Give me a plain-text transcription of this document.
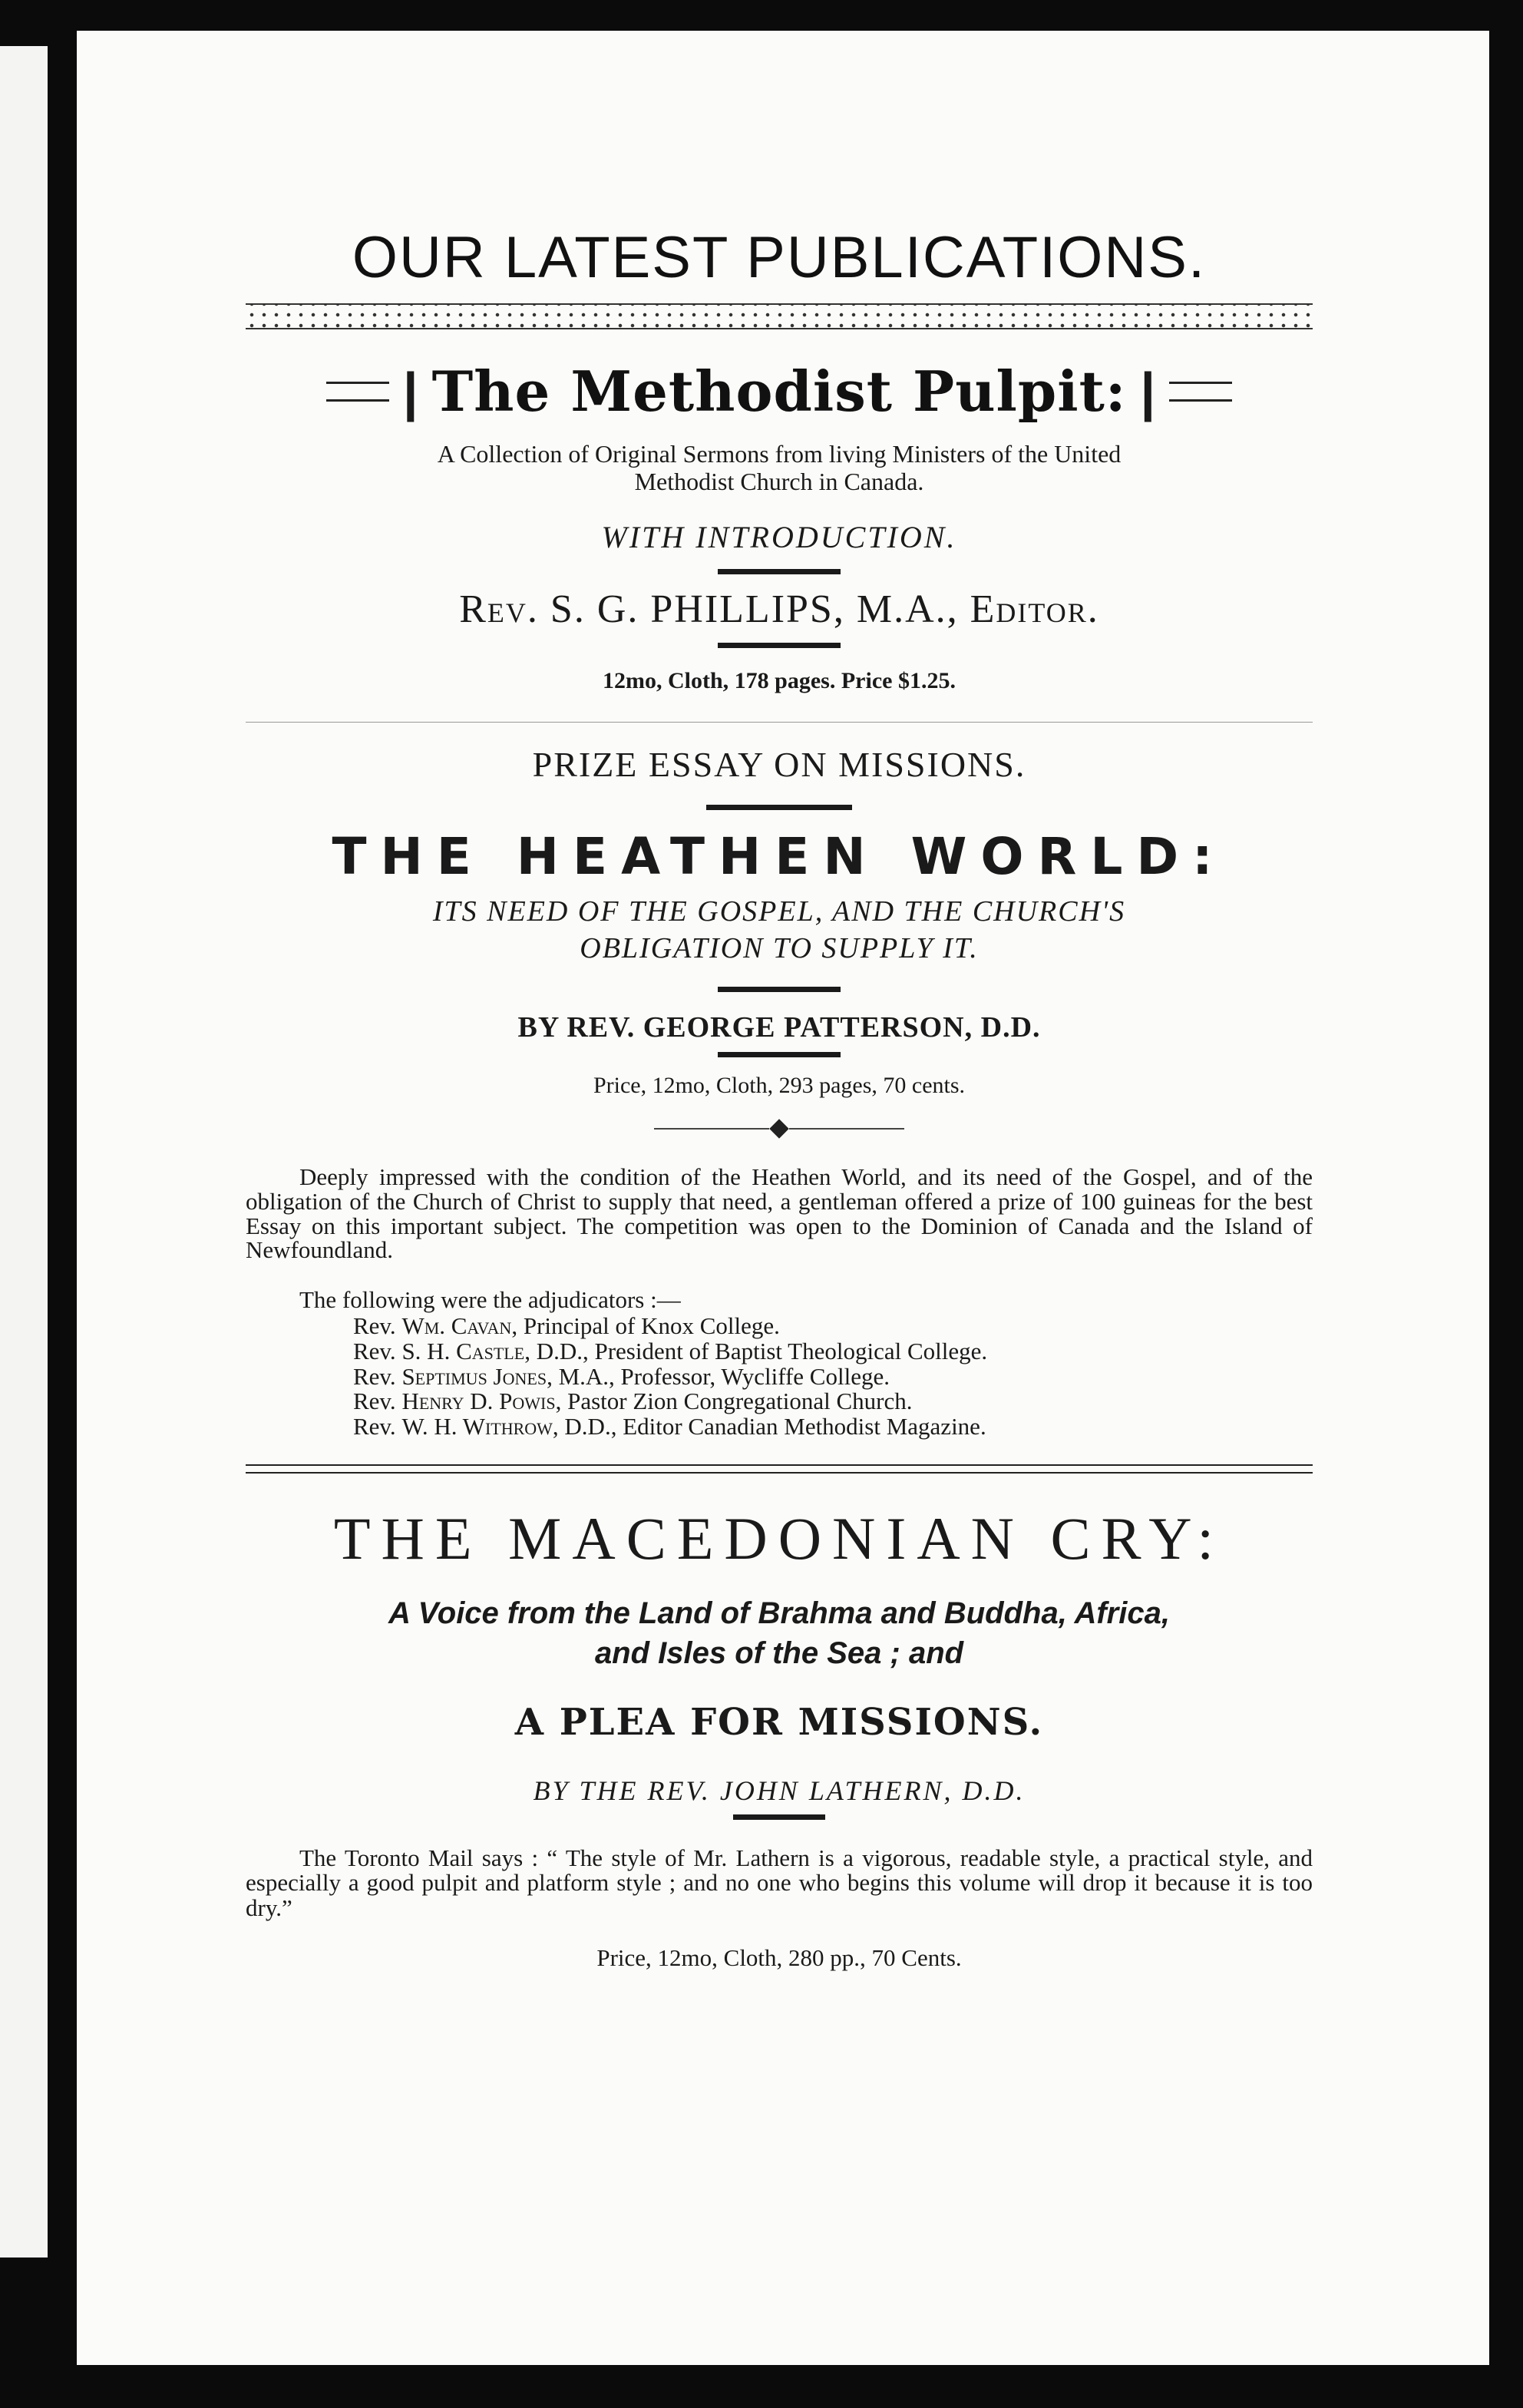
OUR LATEST PUBLICATIONS.
| The Methodist Pulpit: |
A Collection of Original Sermons from living Ministers of the United
Methodist Church in Canada.
WITH INTRODUCTION.
Rev. S. G. PHILLIPS, M.A., Editor.
12mo, Cloth, 178 pages. Price $1.25.
PRIZE ESSAY ON MISSIONS.
THE HEATHEN WORLD:
ITS NEED OF THE GOSPEL, AND THE CHURCH'S
OBLIGATION TO SUPPLY IT.
BY REV. GEORGE PATTERSON, D.D.
Price, 12mo, Cloth, 293 pages, 70 cents.

Deeply impressed with the condition of the Heathen World, and its need of the Gospel, and of the obligation of the Church of Christ to supply that need, a gentleman offered a prize of 100 guineas for the best Essay on this important subject. The competition was open to the Dominion of Canada and the Island of Newfoundland.

The following were the adjudicators :—
Rev. Wm. Cavan, Principal of Knox College.
Rev. S. H. Castle, D.D., President of Baptist Theological College.
Rev. Septimus Jones, M.A., Professor, Wycliffe College.
Rev. Henry D. Powis, Pastor Zion Congregational Church.
Rev. W. H. Withrow, D.D., Editor Canadian Methodist Magazine.
THE MACEDONIAN CRY:
A Voice from the Land of Brahma and Buddha, Africa,
and Isles of the Sea ; and
A PLEA FOR MISSIONS.
BY THE REV. JOHN LATHERN, D.D.

The Toronto Mail says : “ The style of Mr. Lathern is a vigorous, readable style, a practical style, and especially a good pulpit and platform style ; and no one who begins this volume will drop it because it is too dry.”

Price, 12mo, Cloth, 280 pp., 70 Cents.
